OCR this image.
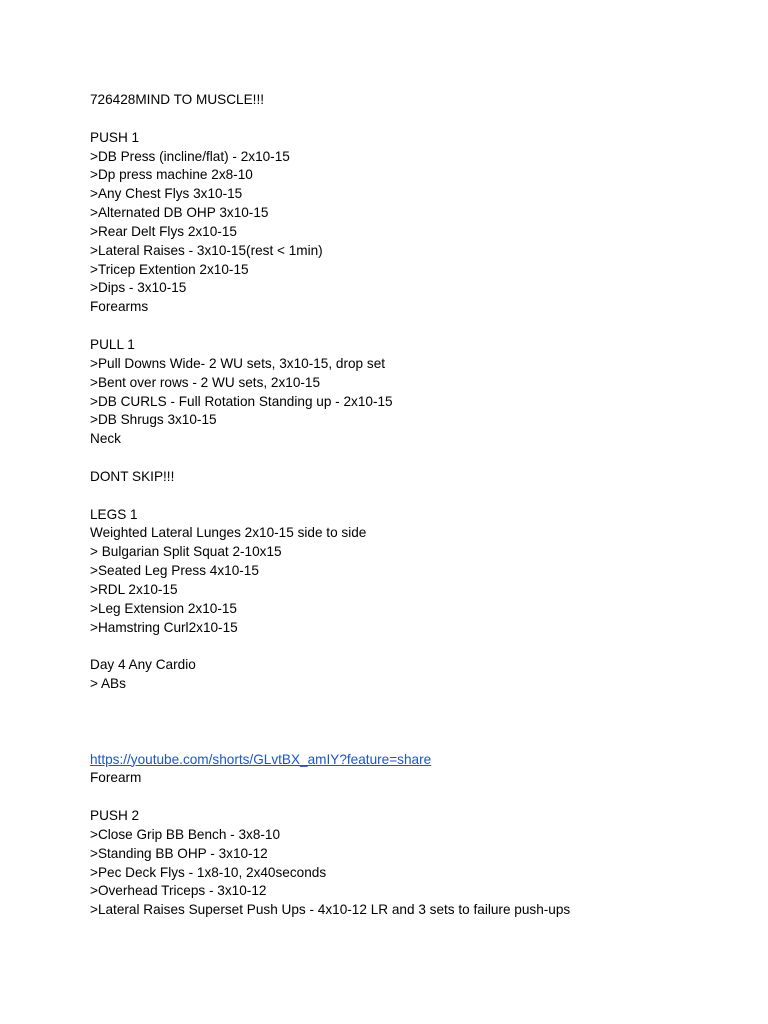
726428MIND TO MUSCLE!!!
PUSH 1
>DB Press (incline/flat) - 2x10-15
>Dp press machine 2x8-10
>Any Chest Flys 3x10-15
>Alternated DB OHP 3x10-15
>Rear Delt Flys 2x10-15
>Lateral Raises - 3x10-15(rest < 1min)
>Tricep Extention 2x10-15
>Dips - 3x10-15
Forearms
PULL 1
>Pull Downs Wide- 2 WU sets, 3x10-15, drop set
>Bent over rows - 2 WU sets, 2x10-15
>DB CURLS - Full Rotation Standing up - 2x10-15
>DB Shrugs 3x10-15
Neck
DONT SKIP!!!
LEGS 1
Weighted Lateral Lunges 2x10-15 side to side
> Bulgarian Split Squat 2-10x15
>Seated Leg Press 4x10-15
>RDL 2x10-15
>Leg Extension 2x10-15
>Hamstring Curl2x10-15
Day 4 Any Cardio
> ABs
https://youtube.com/shorts/GLvtBX_amIY?feature=share
Forearm
PUSH 2
>Close Grip BB Bench - 3x8-10
>Standing BB OHP - 3x10-12
>Pec Deck Flys - 1x8-10, 2x40seconds
>Overhead Triceps - 3x10-12
>Lateral Raises Superset Push Ups - 4x10-12 LR and 3 sets to failure push-ups
